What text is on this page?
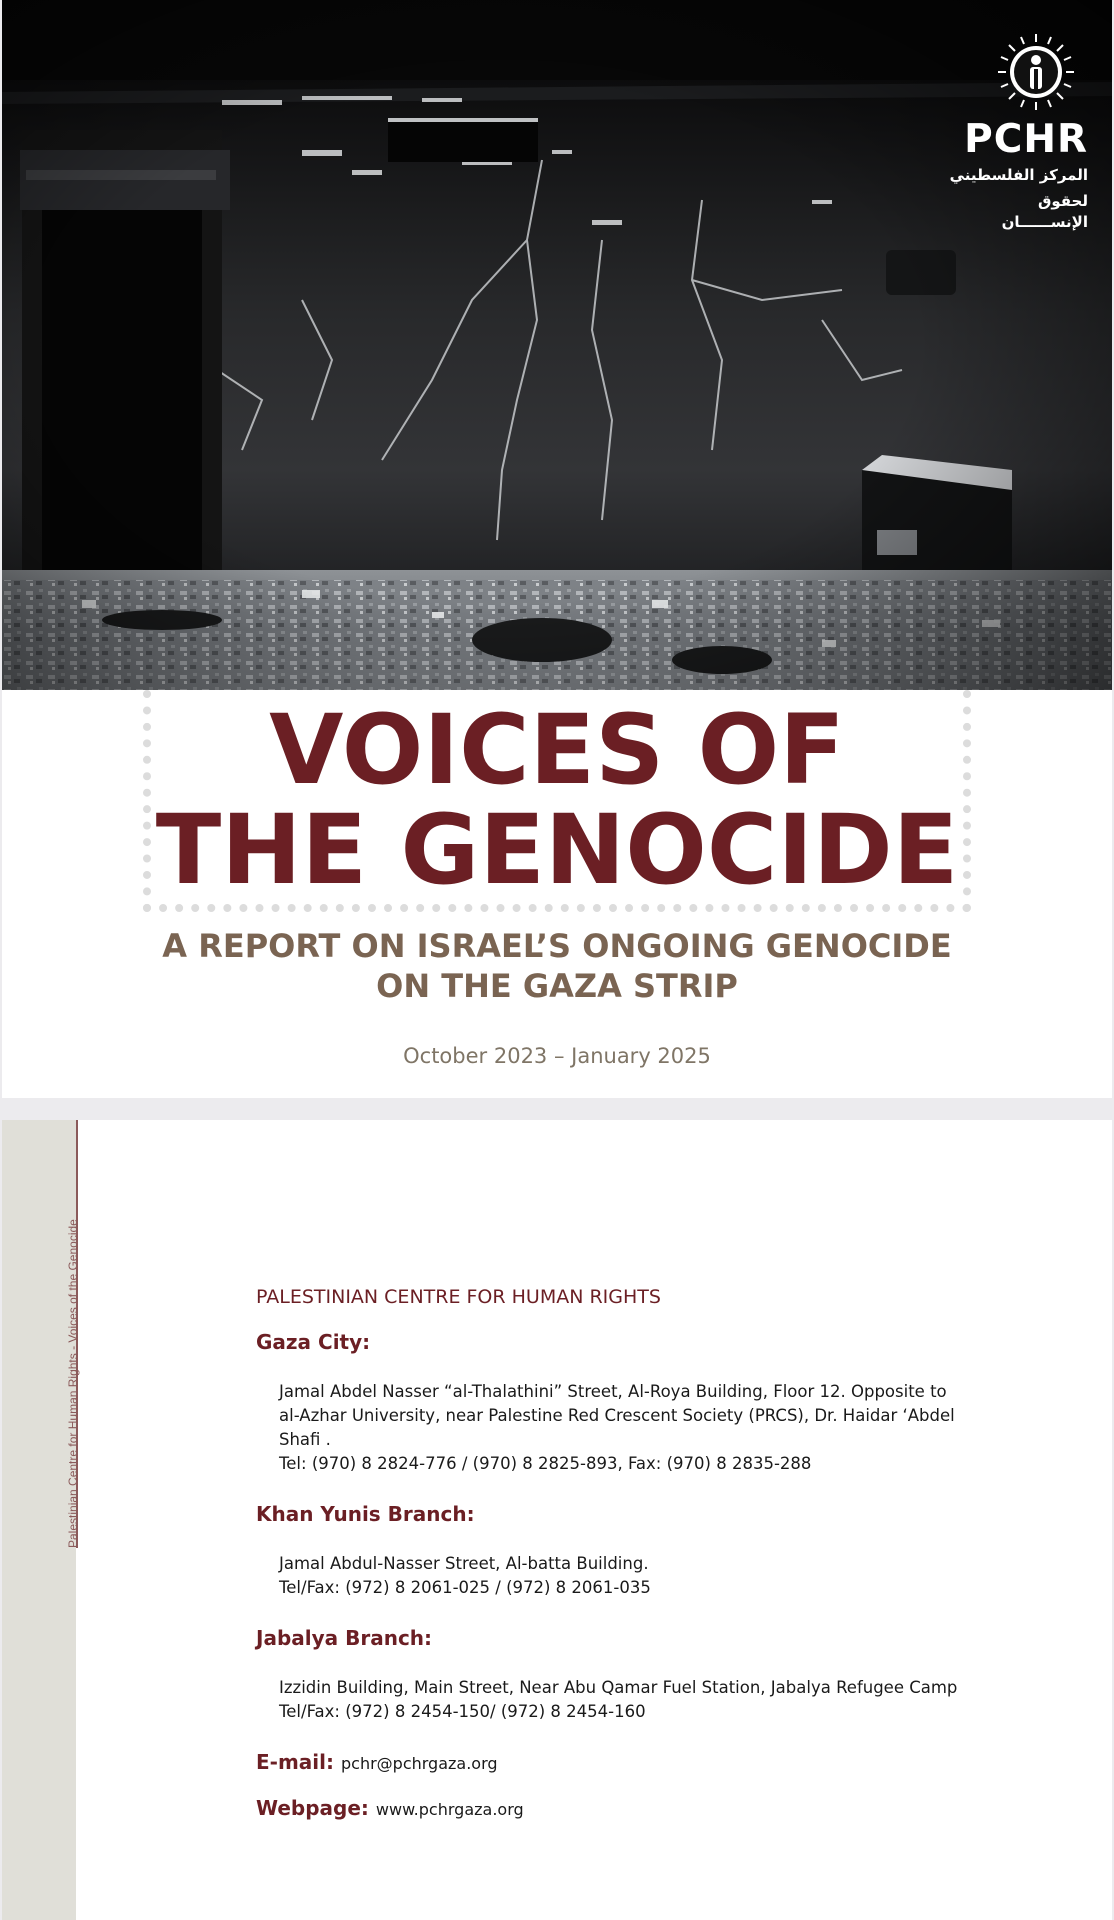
PCHR
المركز الفلسطيني
لحقوق الإنســــــان
VOICES OF
THE GENOCIDE
A REPORT ON ISRAEL’S ONGOING GENOCIDE
ON THE GAZA STRIP
October 2023 – January 2025
Palestinian Centre for Human Rights - Voices of the Genocide	PALESTINIAN CENTRE FOR HUMAN RIGHTS
Gaza City:
Jamal Abdel Nasser “al-Thalathini” Street, Al-Roya Building, Floor 12. Opposite to
al-Azhar University, near Palestine Red Crescent Society (PRCS), Dr. Haidar ‘Abdel
Shafi .
Tel: (970) 8 2824-776 / (970) 8 2825-893, Fax: (970) 8 2835-288
Khan Yunis Branch:
Jamal Abdul-Nasser Street, Al-batta Building.
Tel/Fax: (972) 8 2061-025 / (972) 8 2061-035
Jabalya Branch:
Izzidin Building, Main Street, Near Abu Qamar Fuel Station, Jabalya Refugee Camp
Tel/Fax: (972) 8 2454-150/ (972) 8 2454-160
E-mail: pchr@pchrgaza.org
Webpage: www.pchrgaza.org
